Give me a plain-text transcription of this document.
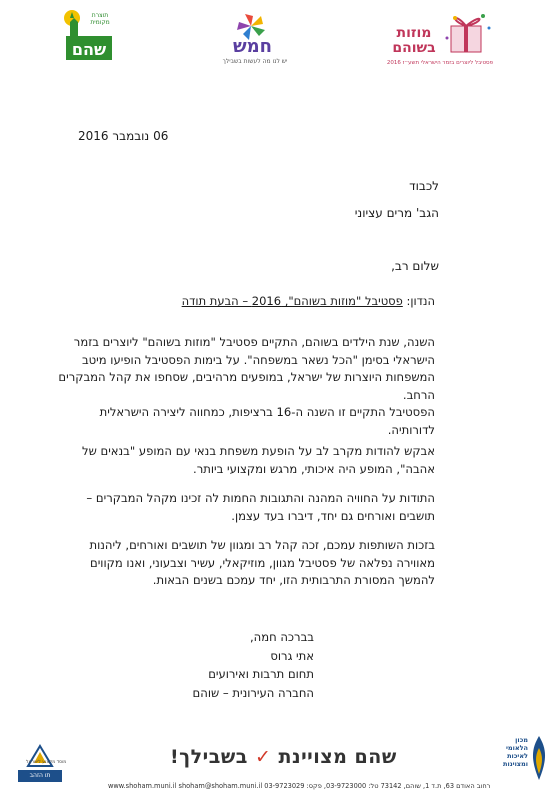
תוצרת מקומית
שהם	חמש
יש לנו מה לעשות בשבילך
מוזות
בשוהם
פסטיבל ליוצרים בזמר הישראלי תשע״ז 2016
06 נובמבר 2016
לכבוד
הגב' מרים עציוני
שלום רב,
הנדון: פסטיבל "מוזות בשוהם", 2016 – הבעת תודה
השנה, שנת הילדים בשוהם, התקיים פסטיבל "מוזות בשוהם" ליוצרים בזמר
הישראלי בסימן "הכל נשאר במשפחה". על בימות הפסטיבל הופיעו מיטב
המשפחות היוצרות של ישראל, במופעים מרהיבים, שסחפו את קהל המבקרים
הרחב.
הפסטיבל התקיים זו השנה ה-16 ברציפות, כמחווה ליצירה הישראלית
לדורותיה.
אבקש להודות מקרב לב על הופעת משפחת בנאי עם המופע "בנאים של
אהבה", המופע היה איכותי, מרגש ומקצועי ביותר.
התודות על החוויה המהנה והתגובות החמות לה זכינו מקהל המבקרים –
תושבים ואורחים גם יחד, דיברו בעד עצמן.
בזכות השותפות עמכם, זכה קהל רב ומגוון של תושבים ואורחים, ליהנות
מאווירה נפלאה של פסטיבל מגוון, מוזיקאלי, עשיר וצבעוני, ואנו מקווים
להמשך המסורת התרבותית הזו, יחד עמכם בשנים הבאות.
בברכה חמה,
אתי גרוס
תחום תרבות ואירועים
החברה העירונית – שוהם
מוסד מקצוע לישראל
תו הזהב
שהם מצויינת ✓ בשבילך!
רחוב האודם 63, ת.ד 1, שוהם, 73142 טל: 03-9723000, פקס: 03-9723029 www.shoham.muni.il shoham@shoham.muni.il
מכון
הלאומי
לאיכות
ומצוינות
